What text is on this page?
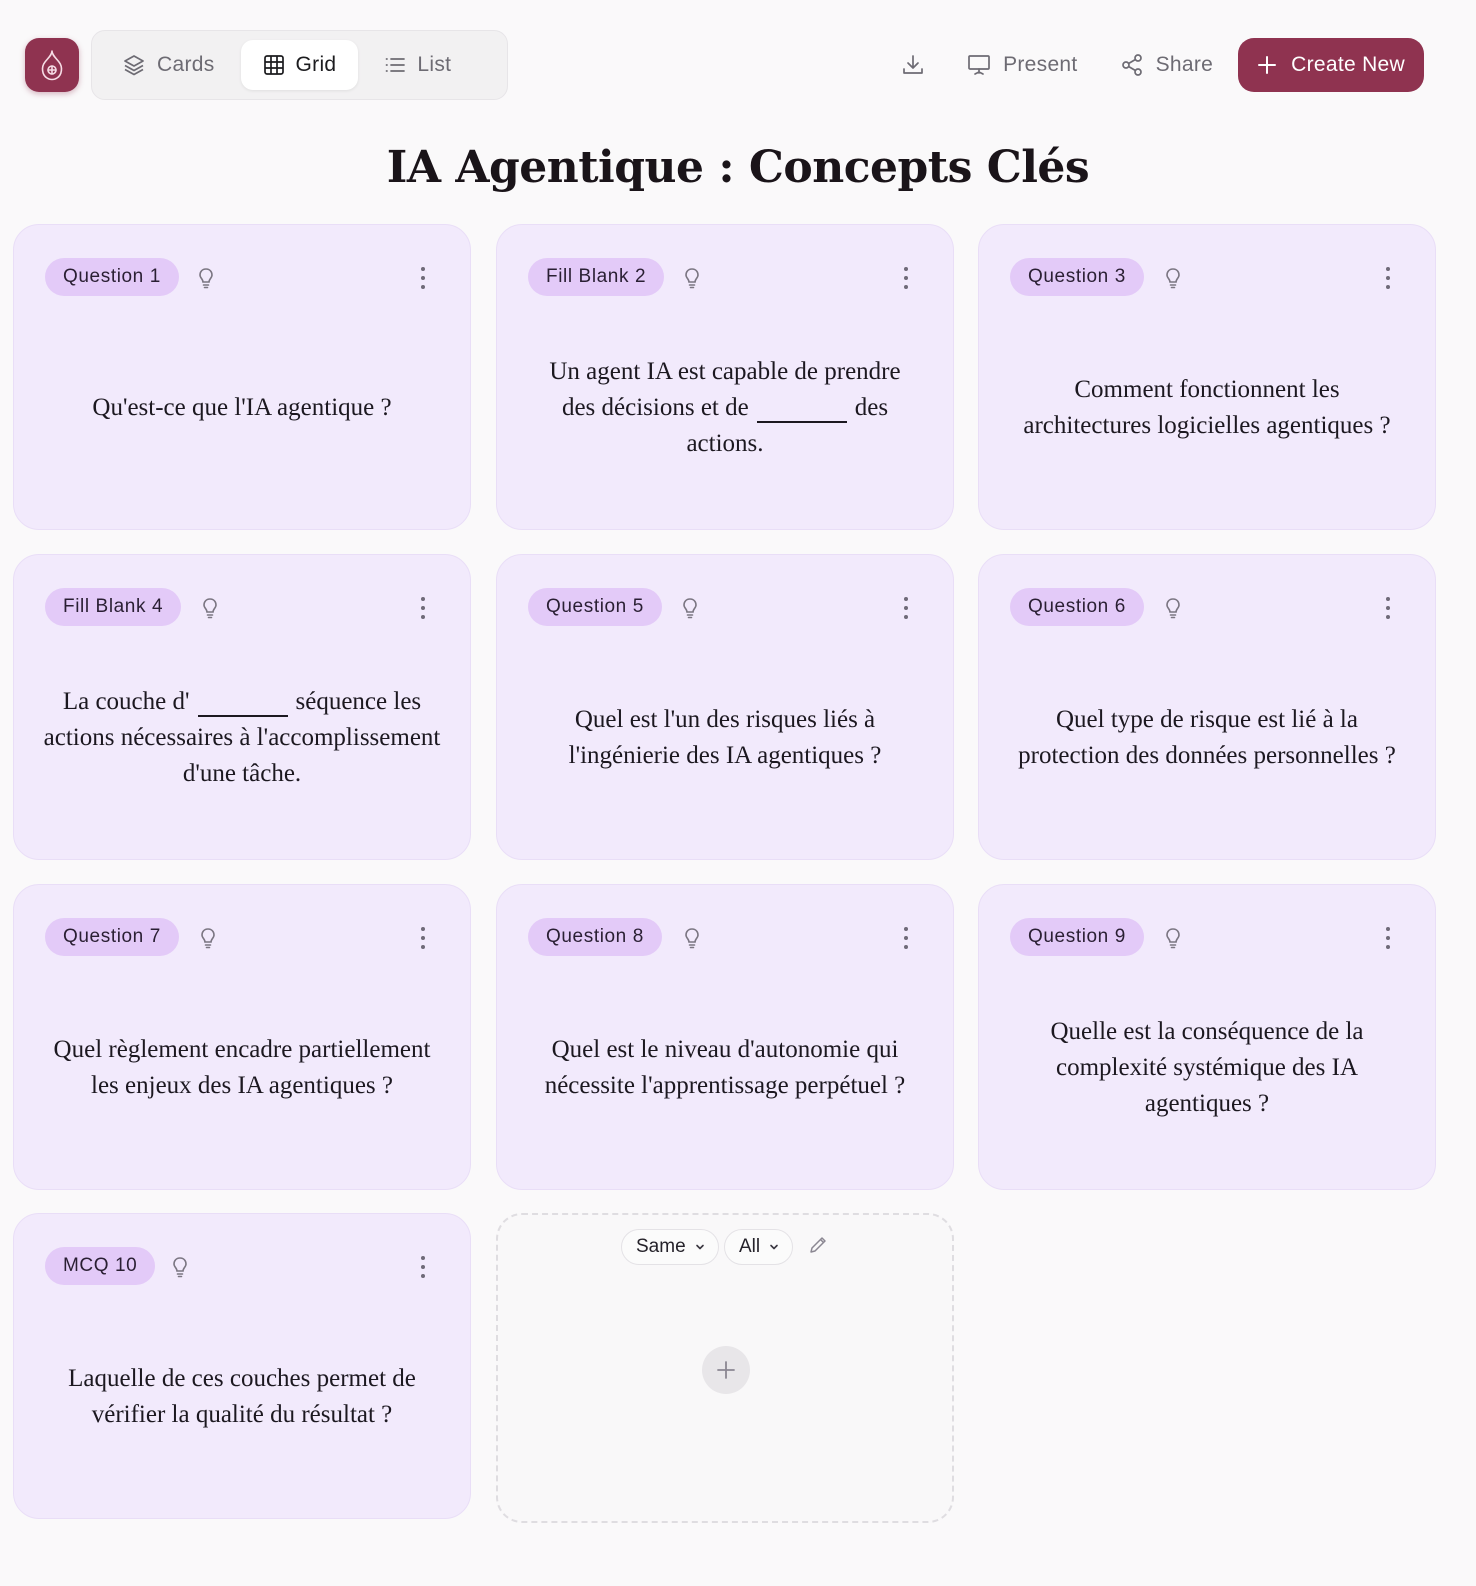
Cards	Grid	List	Present	Share	Create New
IA Agentique : Concepts Clés
Question 1
Qu'est-ce que l'IA agentique ?
Fill Blank 2
Un agent IA est capable de prendre des décisions et de	des actions.
Question 3
Comment fonctionnent les architectures logicielles agentiques ?
Fill Blank 4
La couche d'	séquence les actions nécessaires à l'accomplissement d'une tâche.
Question 5
Quel est l'un des risques liés à l'ingénierie des IA agentiques ?
Question 6
Quel type de risque est lié à la protection des données personnelles ?
Question 7
Quel règlement encadre partiellement les enjeux des IA agentiques ?
Question 8
Quel est le niveau d'autonomie qui nécessite l'apprentissage perpétuel ?
Question 9
Quelle est la conséquence de la complexité systémique des IA agentiques ?
MCQ 10
Laquelle de ces couches permet de vérifier la qualité du résultat ?
Same	All
